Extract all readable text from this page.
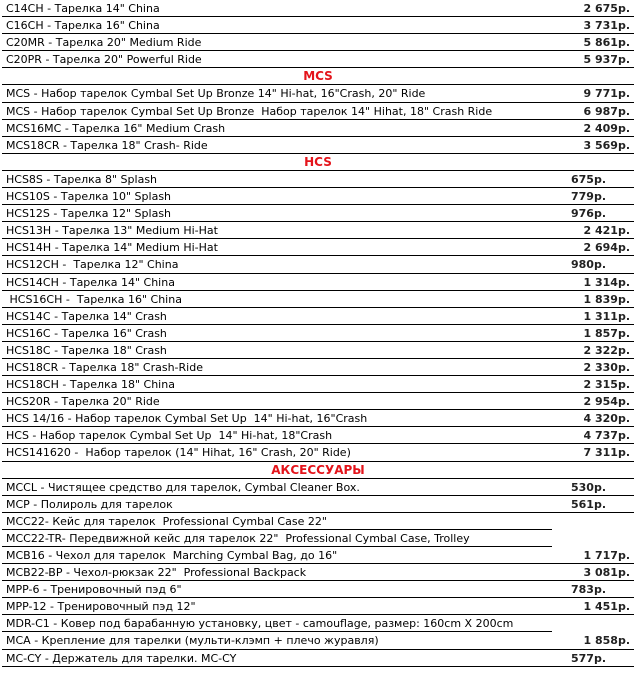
C14CH - Тарелка 14" China	2 675р.
C16CH - Тарелка 16" China	3 731р.
C20MR - Тарелка 20" Medium Ride	5 861р.
C20PR - Тарелка 20" Powerful Ride	5 937р.
MCS
MCS - Набор тарелок Cymbal Set Up Bronze 14" Hi-hat, 16"Crash, 20" Ride	9 771р.
MCS - Набор тарелок Cymbal Set Up Bronze  Набор тарелок 14" Hihat, 18" Crash Ride	6 987р.
MCS16MC - Тарелка 16" Medium Crash	2 409р.
MCS18CR - Тарелка 18" Crash- Ride	3 569р.
HCS
HCS8S - Тарелка 8" Splash	675р.
HCS10S - Тарелка 10" Splash	779р.
HCS12S - Тарелка 12" Splash	976р.
HCS13H - Тарелка 13" Medium Hi-Hat	2 421р.
HCS14H - Тарелка 14" Medium Hi-Hat	2 694р.
HCS12CH -  Тарелка 12" China	980р.
HCS14CH - Тарелка 14" China	1 314р.
HCS16CH -  Тарелка 16" China	1 839р.
HCS14C - Тарелка 14" Crash	1 311р.
HCS16C - Тарелка 16" Crash	1 857р.
HCS18C - Тарелка 18" Crash	2 322р.
HCS18CR - Тарелка 18" Crash-Ride	2 330р.
HCS18CH - Тарелка 18" China	2 315р.
HCS20R - Тарелка 20" Ride	2 954р.
HCS 14/16 - Набор тарелок Cymbal Set Up  14" Hi-hat, 16"Crash	4 320р.
HCS - Набор тарелок Cymbal Set Up  14" Hi-hat, 18"Crash	4 737р.
HCS141620 -  Набор тарелок (14" Hihat, 16" Crash, 20" Ride)	7 311р.
АКСЕССУАРЫ
MCCL - Чистящее средство для тарелок, Cymbal Cleaner Box.	530р.
MCP - Полироль для тарелок	561р.
MCC22- Кейс для тарелок  Professional Cymbal Case 22"
MCC22-TR- Передвижной кейс для тарелок 22"  Professional Cymbal Case, Trolley
MCB16 - Чехол для тарелок  Marching Cymbal Bag, до 16"	1 717р.
MCB22-BP - Чехол-рюкзак 22"  Professional Backpack	3 081р.
MPP-6 - Тренировочный пэд 6"	783р.
MPP-12 - Тренировочный пэд 12"	1 451р.
MDR-C1 - Ковер под барабанную установку, цвет - camouflage, размер: 160cm X 200cm
MCA - Крепление для тарелки (мульти-клэмп + плечо журавля)	1 858р.
MC-CY - Держатель для тарелки. MC-CY	577р.
